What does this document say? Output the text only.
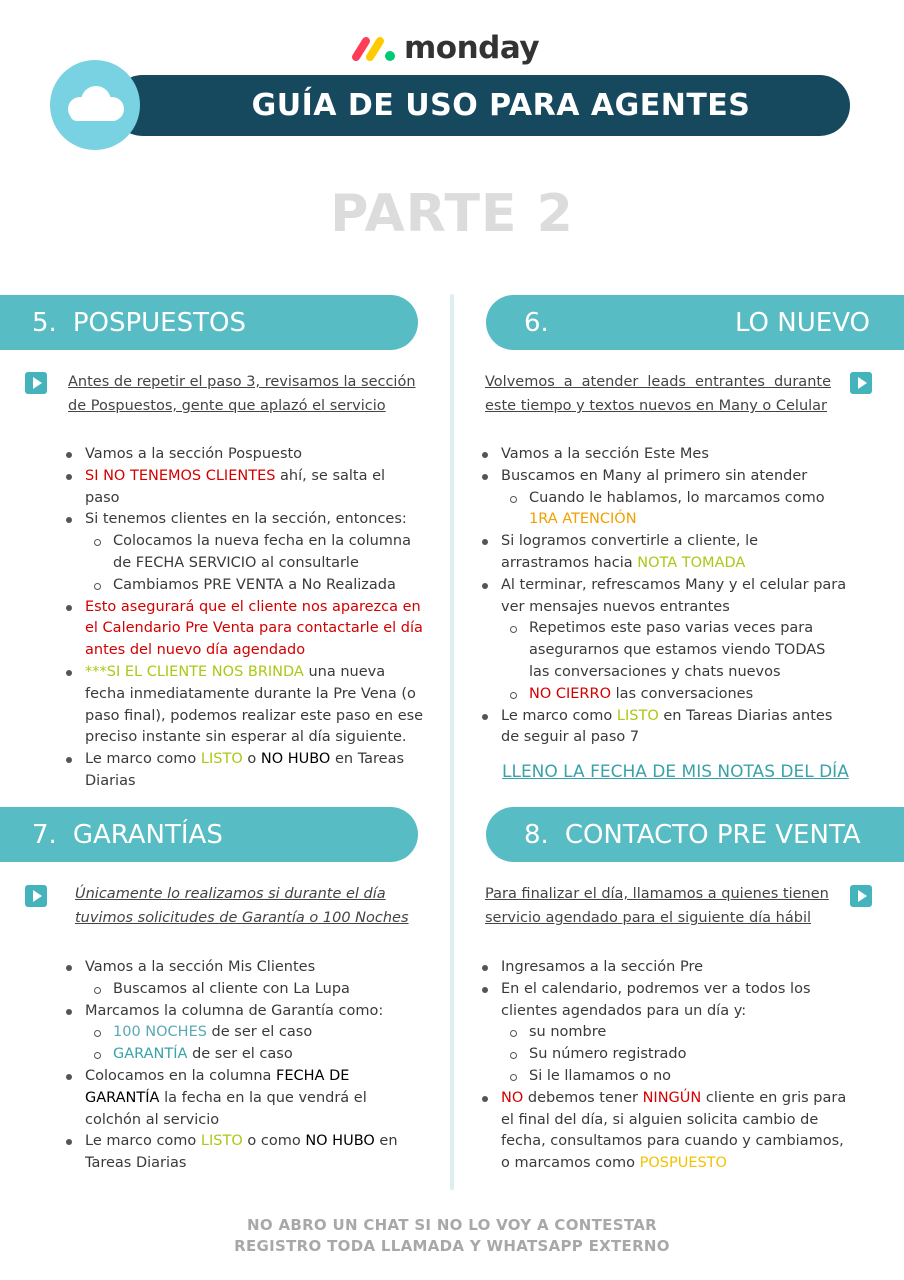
monday
GUÍA DE USO PARA AGENTES
PARTE 2
5. POSPUESTOS
Antes de repetir el paso 3, revisamos la sección de Pospuestos, gente que aplazó el servicio
Vamos a la sección Pospuesto
SI NO TENEMOS CLIENTES ahí, se salta el paso
Si tenemos clientes en la sección, entonces:
Colocamos la nueva fecha en la columna de FECHA SERVICIO al consultarle
Cambiamos PRE VENTA a No Realizada
Esto asegurará que el cliente nos aparezca en el Calendario Pre Venta para contactarle el día antes del nuevo día agendado
***SI EL CLIENTE NOS BRINDA una nueva fecha inmediatamente durante la Pre Vena (o paso final), podemos realizar este paso en ese preciso instante sin esperar al día siguiente.
Le marco como LISTO o NO HUBO en Tareas Diarias
6.	LO NUEVO
Volvemos a atender leads entrantes durante este tiempo y textos nuevos en Many o Celular
Vamos a la sección Este Mes
Buscamos en Many al primero sin atender
Cuando le hablamos, lo marcamos como 1RA ATENCIÓN
Si logramos convertirle a cliente, le arrastramos hacia NOTA TOMADA
Al terminar, refrescamos Many y el celular para ver mensajes nuevos entrantes
Repetimos este paso varias veces para asegurarnos que estamos viendo TODAS las conversaciones y chats nuevos
NO CIERRO las conversaciones
Le marco como LISTO en Tareas Diarias antes de seguir al paso 7
LLENO LA FECHA DE MIS NOTAS DEL DÍA
7. GARANTÍAS
Únicamente lo realizamos si durante el día tuvimos solicitudes de Garantía o 100 Noches
Vamos a la sección Mis Clientes
Buscamos al cliente con La Lupa
Marcamos la columna de Garantía como:
100 NOCHES de ser el caso
GARANTÍA de ser el caso
Colocamos en la columna FECHA DE GARANTÍA la fecha en la que vendrá el colchón al servicio
Le marco como LISTO o como NO HUBO en Tareas Diarias
8. CONTACTO PRE VENTA
Para finalizar el día, llamamos a quienes tienen servicio agendado para el siguiente día hábil
Ingresamos a la sección Pre
En el calendario, podremos ver a todos los clientes agendados para un día y:
su nombre
Su número registrado
Si le llamamos o no
NO debemos tener NINGÚN cliente en gris para el final del día, si alguien solicita cambio de fecha, consultamos para cuando y cambiamos, o marcamos como POSPUESTO
NO ABRO UN CHAT SI NO LO VOY A CONTESTAR
REGISTRO TODA LLAMADA Y WHATSAPP EXTERNO
